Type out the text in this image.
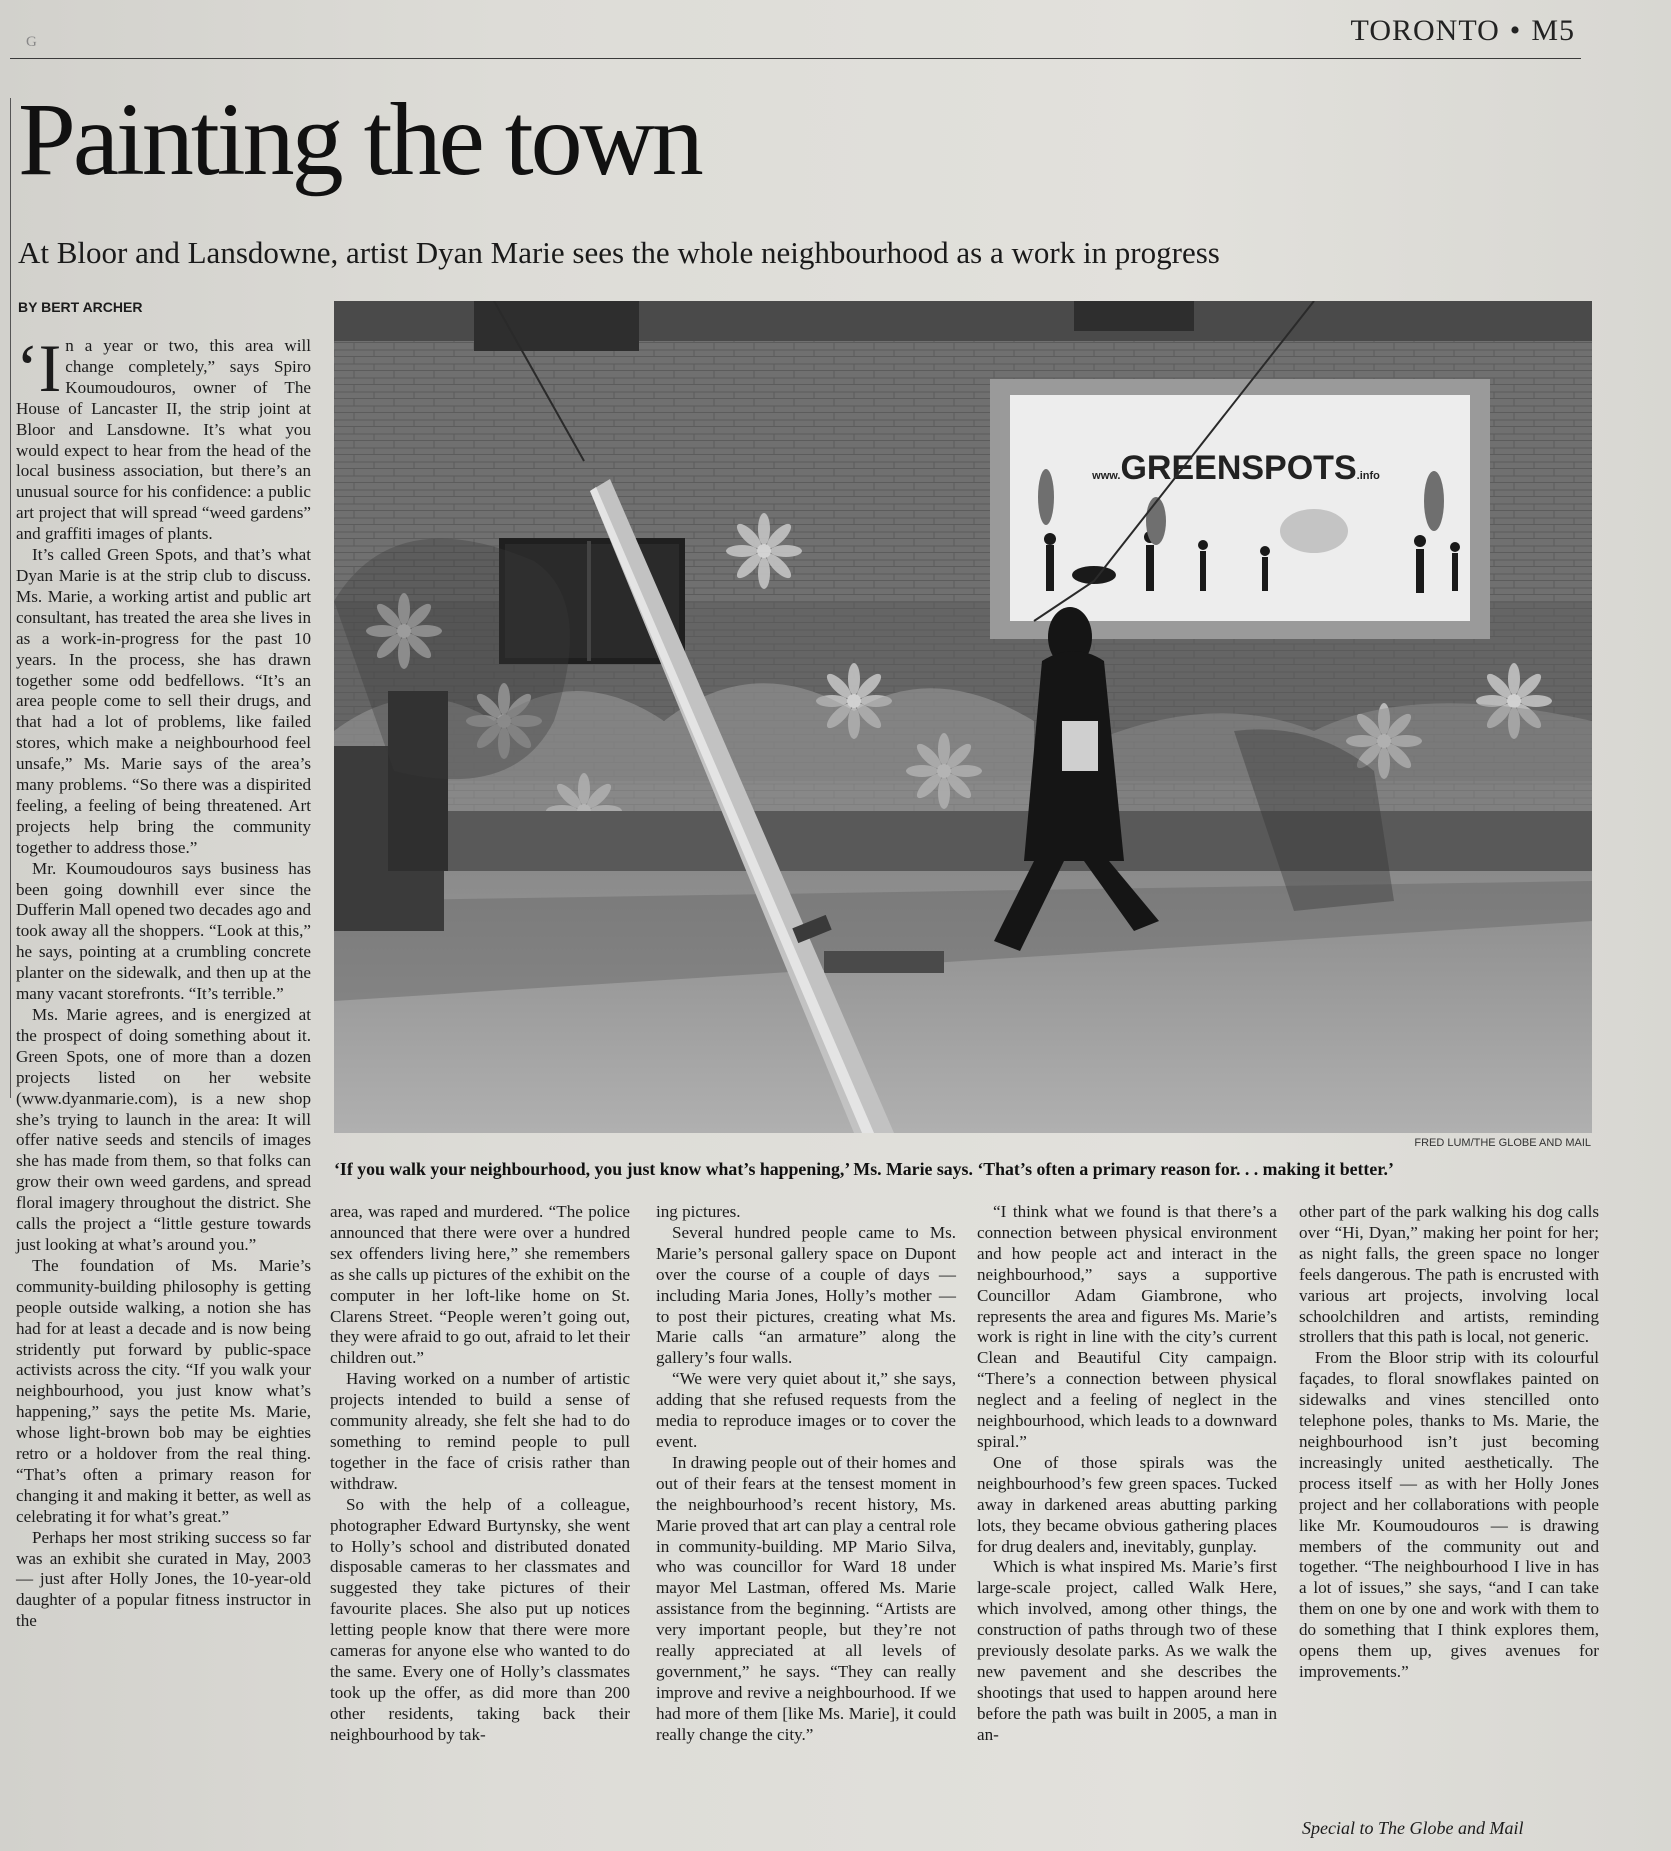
G	TORONTO • M5
Painting the town
At Bloor and Lansdowne, artist Dyan Marie sees the whole neighbourhood as a work in progress
BY BERT ARCHER

‘In a year or two, this area will change completely,” says Spiro Koumoudouros, owner of The House of Lancaster II, the strip joint at Bloor and Lansdowne. It’s what you would expect to hear from the head of the local business association, but there’s an unusual source for his confidence: a public art project that will spread “weed gardens” and graffiti images of plants.

It’s called Green Spots, and that’s what Dyan Marie is at the strip club to discuss. Ms. Marie, a working artist and public art consultant, has treated the area she lives in as a work-in-progress for the past 10 years. In the process, she has drawn together some odd bedfellows. “It’s an area people come to sell their drugs, and that had a lot of problems, like failed stores, which make a neighbourhood feel unsafe,” Ms. Marie says of the area’s many problems. “So there was a dispirited feeling, a feeling of being threatened. Art projects help bring the community together to address those.”

Mr. Koumoudouros says business has been going downhill ever since the Dufferin Mall opened two decades ago and took away all the shoppers. “Look at this,” he says, pointing at a crumbling concrete planter on the sidewalk, and then up at the many vacant storefronts. “It’s terrible.”

Ms. Marie agrees, and is energized at the prospect of doing something about it. Green Spots, one of more than a dozen projects listed on her website (www.dyanmarie.com), is a new shop she’s trying to launch in the area: It will offer native seeds and stencils of images she has made from them, so that folks can grow their own weed gardens, and spread floral imagery throughout the district. She calls the project a “little gesture towards just looking at what’s around you.”

The foundation of Ms. Marie’s community-building philosophy is getting people outside walking, a notion she has had for at least a decade and is now being stridently put forward by public-space activists across the city. “If you walk your neighbourhood, you just know what’s happening,” says the petite Ms. Marie, whose light-brown bob may be eighties retro or a holdover from the real thing. “That’s often a primary reason for changing it and making it better, as well as celebrating it for what’s great.”

Perhaps her most striking success so far was an exhibit she curated in May, 2003 — just after Holly Jones, the 10-year-old daughter of a popular fitness instructor in the

www.GREENSPOTS.info
FRED LUM/THE GLOBE AND MAIL
‘If you walk your neighbourhood, you just know what’s happening,’ Ms. Marie says. ‘That’s often a primary reason for. . . making it better.’

area, was raped and murdered. “The police announced that there were over a hundred sex offenders living here,” she remembers as she calls up pictures of the exhibit on the computer in her loft-like home on St. Clarens Street. “People weren’t going out, they were afraid to go out, afraid to let their children out.”

Having worked on a number of artistic projects intended to build a sense of community already, she felt she had to do something to remind people to pull together in the face of crisis rather than withdraw.

So with the help of a colleague, photographer Edward Burtynsky, she went to Holly’s school and distributed donated disposable cameras to her classmates and suggested they take pictures of their favourite places. She also put up notices letting people know that there were more cameras for anyone else who wanted to do the same. Every one of Holly’s classmates took up the offer, as did more than 200 other residents, taking back their neighbourhood by tak-

ing pictures.

Several hundred people came to Ms. Marie’s personal gallery space on Dupont over the course of a couple of days — including Maria Jones, Holly’s mother — to post their pictures, creating what Ms. Marie calls “an armature” along the gallery’s four walls.

“We were very quiet about it,” she says, adding that she refused requests from the media to reproduce images or to cover the event.

In drawing people out of their homes and out of their fears at the tensest moment in the neighbourhood’s recent history, Ms. Marie proved that art can play a central role in community-building. MP Mario Silva, who was councillor for Ward 18 under mayor Mel Lastman, offered Ms. Marie assistance from the beginning. “Artists are very important people, but they’re not really appreciated at all levels of government,” he says. “They can really improve and revive a neighbourhood. If we had more of them [like Ms. Marie], it could really change the city.”

“I think what we found is that there’s a connection between physical environment and how people act and interact in the neighbourhood,” says a supportive Councillor Adam Giambrone, who represents the area and figures Ms. Marie’s work is right in line with the city’s current Clean and Beautiful City campaign. “There’s a connection between physical neglect and a feeling of neglect in the neighbourhood, which leads to a downward spiral.”

One of those spirals was the neighbourhood’s few green spaces. Tucked away in darkened areas abutting parking lots, they became obvious gathering places for drug dealers and, inevitably, gunplay.

Which is what inspired Ms. Marie’s first large-scale project, called Walk Here, which involved, among other things, the construction of paths through two of these previously desolate parks. As we walk the new pavement and she describes the shootings that used to happen around here before the path was built in 2005, a man in an-

other part of the park walking his dog calls over “Hi, Dyan,” making her point for her; as night falls, the green space no longer feels dangerous. The path is encrusted with various art projects, involving local schoolchildren and artists, reminding strollers that this path is local, not generic.

From the Bloor strip with its colourful façades, to floral snowflakes painted on sidewalks and vines stencilled onto telephone poles, thanks to Ms. Marie, the neighbourhood isn’t just becoming increasingly united aesthetically. The process itself — as with her Holly Jones project and her collaborations with people like Mr. Koumoudouros — is drawing members of the community out and together. “The neighbourhood I live in has a lot of issues,” she says, “and I can take them on one by one and work with them to do something that I think explores them, opens them up, gives avenues for improvements.”

Special to The Globe and Mail
